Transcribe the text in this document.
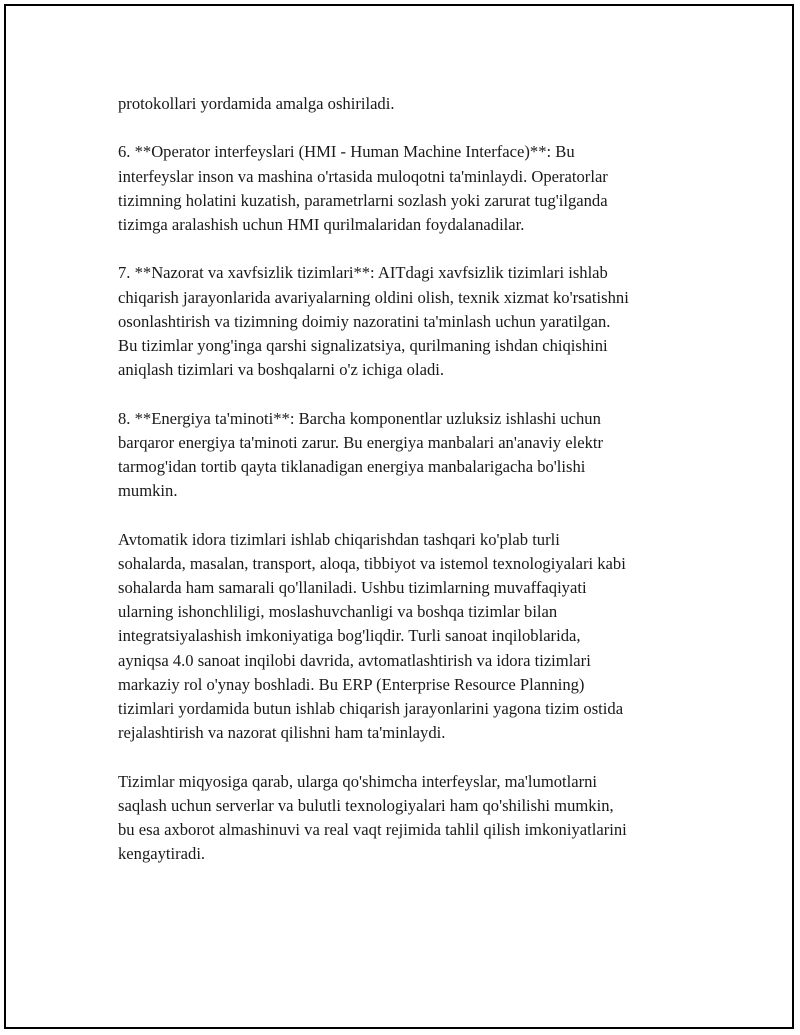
protokollari yordamida amalga oshiriladi.

6. **Operator interfeyslari (HMI - Human Machine Interface)**: Bu
interfeyslar inson va mashina o'rtasida muloqotni ta'minlaydi. Operatorlar
tizimning holatini kuzatish, parametrlarni sozlash yoki zarurat tug'ilganda
tizimga aralashish uchun HMI qurilmalaridan foydalanadilar.

7. **Nazorat va xavfsizlik tizimlari**: AITdagi xavfsizlik tizimlari ishlab
chiqarish jarayonlarida avariyalarning oldini olish, texnik xizmat ko'rsatishni
osonlashtirish va tizimning doimiy nazoratini ta'minlash uchun yaratilgan.
Bu tizimlar yong'inga qarshi signalizatsiya, qurilmaning ishdan chiqishini
aniqlash tizimlari va boshqalarni o'z ichiga oladi.

8. **Energiya ta'minoti**: Barcha komponentlar uzluksiz ishlashi uchun
barqaror energiya ta'minoti zarur. Bu energiya manbalari an'anaviy elektr
tarmog'idan tortib qayta tiklanadigan energiya manbalarigacha bo'lishi
mumkin.

Avtomatik idora tizimlari ishlab chiqarishdan tashqari ko'plab turli
sohalarda, masalan, transport, aloqa, tibbiyot va istemol texnologiyalari kabi
sohalarda ham samarali qo'llaniladi. Ushbu tizimlarning muvaffaqiyati
ularning ishonchliligi, moslashuvchanligi va boshqa tizimlar bilan
integratsiyalashish imkoniyatiga bog'liqdir. Turli sanoat inqiloblarida,
ayniqsa 4.0 sanoat inqilobi davrida, avtomatlashtirish va idora tizimlari
markaziy rol o'ynay boshladi. Bu ERP (Enterprise Resource Planning)
tizimlari yordamida butun ishlab chiqarish jarayonlarini yagona tizim ostida
rejalashtirish va nazorat qilishni ham ta'minlaydi.

Tizimlar miqyosiga qarab, ularga qo'shimcha interfeyslar, ma'lumotlarni
saqlash uchun serverlar va bulutli texnologiyalari ham qo'shilishi mumkin,
bu esa axborot almashinuvi va real vaqt rejimida tahlil qilish imkoniyatlarini
kengaytiradi.
